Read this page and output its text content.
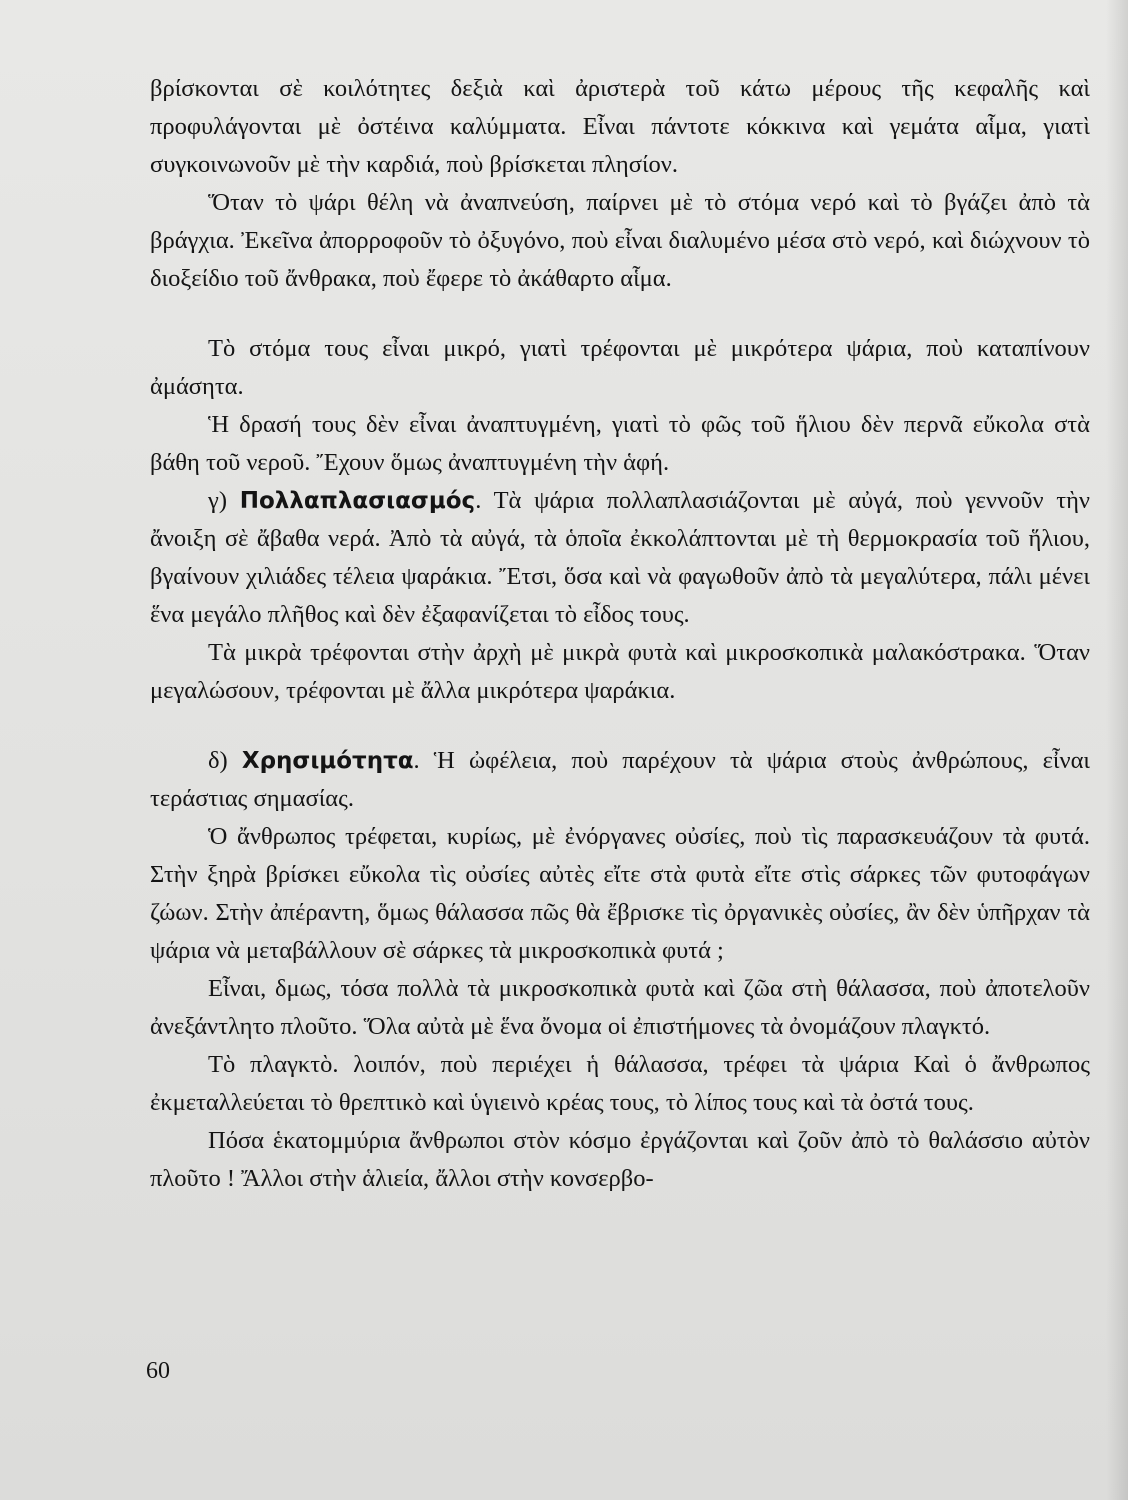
βρίσκονται σὲ κοιλότητες δεξιὰ καὶ ἀριστερὰ τοῦ κάτω μέρους τῆς κεφαλῆς καὶ προφυλάγονται μὲ ὀστέινα καλύμματα. Εἶναι πάντοτε κόκκινα καὶ γεμάτα αἷμα, γιατὶ συγκοινωνοῦν μὲ τὴν καρδιά, ποὺ βρίσκεται πλησίον.

Ὅταν τὸ ψάρι θέλη νὰ ἀναπνεύση, παίρνει μὲ τὸ στόμα νερό καὶ τὸ βγάζει ἀπὸ τὰ βράγχια. Ἐκεῖνα ἀπορροφοῦν τὸ ὀξυγόνο, ποὺ εἶναι διαλυμένο μέσα στὸ νερό, καὶ διώχνουν τὸ διοξείδιο τοῦ ἄνθρακα, ποὺ ἔφερε τὸ ἀκάθαρτο αἷμα.

Τὸ στόμα τους εἶναι μικρό, γιατὶ τρέφονται μὲ μικρότερα ψάρια, ποὺ καταπίνουν ἀμάσητα.

Ἡ δρασή τους δὲν εἶναι ἀναπτυγμένη, γιατὶ τὸ φῶς τοῦ ἥλιου δὲν περνᾶ εὔκολα στὰ βάθη τοῦ νεροῦ. Ἔχουν ὅμως ἀναπτυγμένη τὴν ἁφή.

γ) Πολλαπλασιασμός. Τὰ ψάρια πολλαπλασιάζονται μὲ αὐγά, ποὺ γεννοῦν τὴν ἄνοιξη σὲ ἄβαθα νερά. Ἀπὸ τὰ αὐγά, τὰ ὁποῖα ἐκκολάπτονται μὲ τὴ θερμοκρασία τοῦ ἥλιου, βγαίνουν χιλιάδες τέλεια ψαράκια. Ἔτσι, ὅσα καὶ νὰ φαγωθοῦν ἀπὸ τὰ μεγαλύτερα, πάλι μένει ἕνα μεγάλο πλῆθος καὶ δὲν ἐξαφανίζεται τὸ εἶδος τους.

Τὰ μικρὰ τρέφονται στὴν ἀρχὴ μὲ μικρὰ φυτὰ καὶ μικροσκοπικὰ μαλακόστρακα. Ὅταν μεγαλώσουν, τρέφονται μὲ ἄλλα μικρότερα ψαράκια.

δ) Χρησιμότητα. Ἡ ὠφέλεια, ποὺ παρέχουν τὰ ψάρια στοὺς ἀνθρώπους, εἶναι τεράστιας σημασίας.

Ὁ ἄνθρωπος τρέφεται, κυρίως, μὲ ἐνόργανες οὐσίες, ποὺ τὶς παρασκευάζουν τὰ φυτά. Στὴν ξηρὰ βρίσκει εὔκολα τὶς οὐσίες αὐτὲς εἴτε στὰ φυτὰ εἴτε στὶς σάρκες τῶν φυτοφάγων ζώων. Στὴν ἀπέραντη, ὅμως θάλασσα πῶς θὰ ἔβρισκε τὶς ὀργανικὲς οὐσίες, ἂν δὲν ὑπῆρχαν τὰ ψάρια νὰ μεταβάλλουν σὲ σάρκες τὰ μικροσκοπικὰ φυτά ;

Εἶναι, δμως, τόσα πολλὰ τὰ μικροσκοπικὰ φυτὰ καὶ ζῶα στὴ θάλασσα, ποὺ ἀποτελοῦν ἀνεξάντλητο πλοῦτο. Ὅλα αὐτὰ μὲ ἕνα ὄνομα οἱ ἐπιστήμονες τὰ ὀνομάζουν πλαγκτό.

Τὸ πλαγκτὸ. λοιπόν, ποὺ περιέχει ἡ θάλασσα, τρέφει τὰ ψάρια Καὶ ὁ ἄνθρωπος ἐκμεταλλεύεται τὸ θρεπτικὸ καὶ ὑγιεινὸ κρέας τους, τὸ λίπος τους καὶ τὰ ὀστά τους.

Πόσα ἑκατομμύρια ἄνθρωποι στὸν κόσμο ἐργάζονται καὶ ζοῦν ἀπὸ τὸ θαλάσσιο αὐτὸν πλοῦτο ! Ἄλλοι στὴν ἁλιεία, ἄλλοι στὴν κονσερβο-

60
